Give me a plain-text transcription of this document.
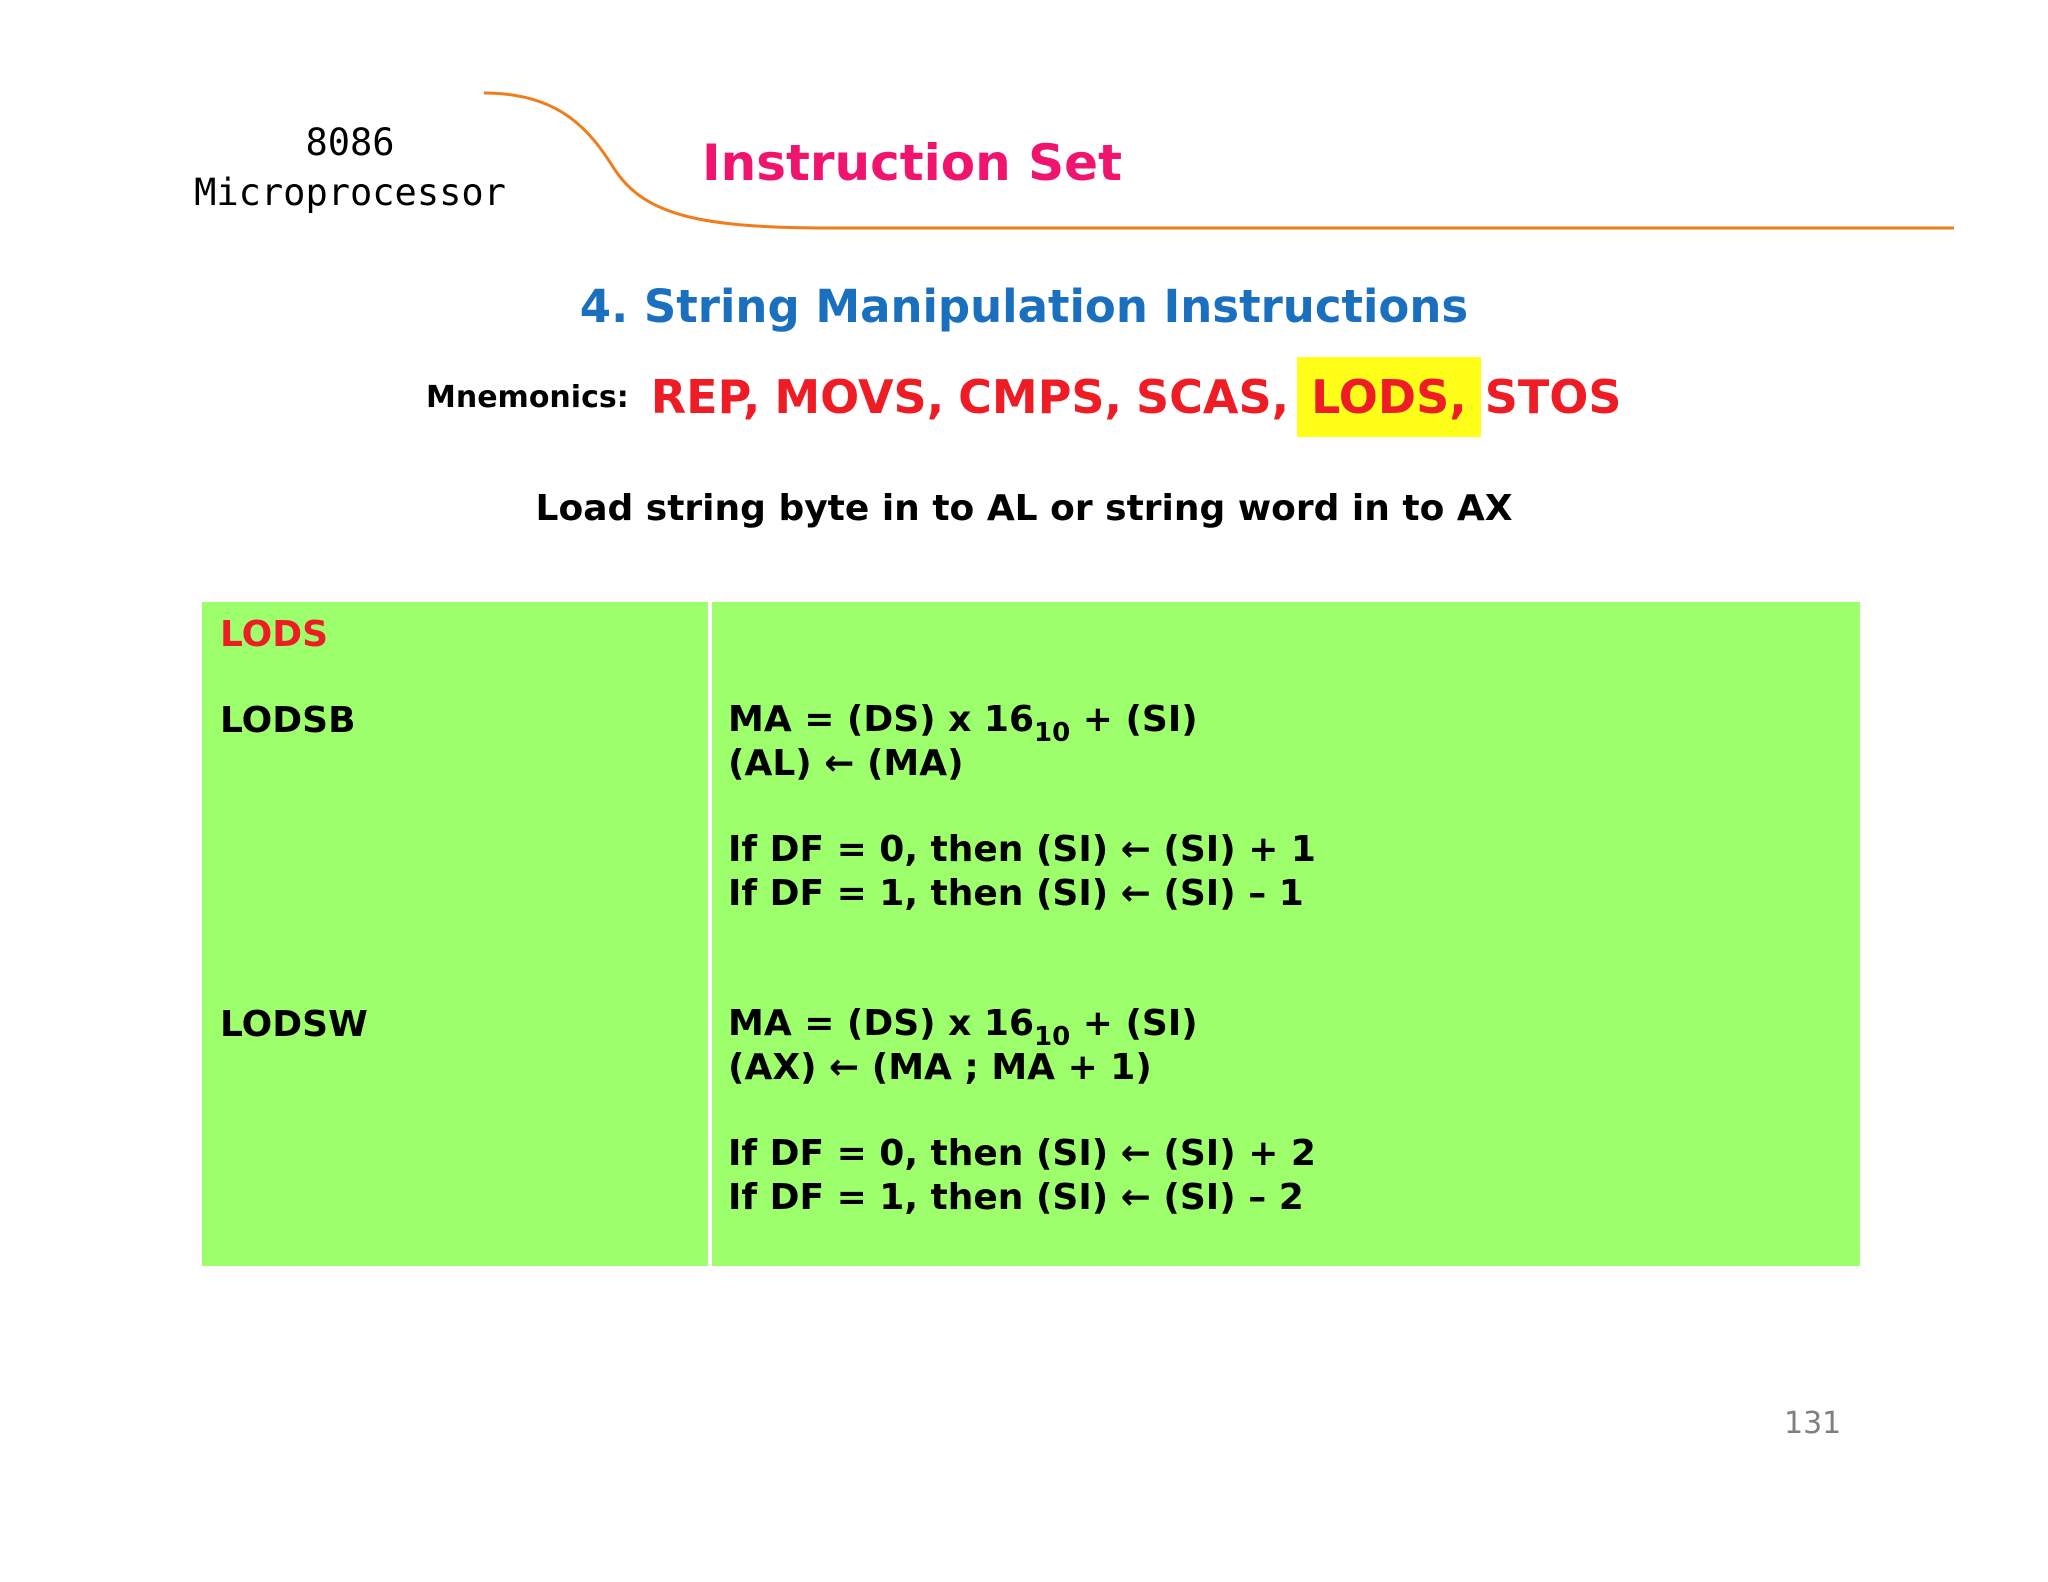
8086
Microprocessor
Instruction Set
4. String Manipulation Instructions
Mnemonics: REP, MOVS, CMPS, SCAS, LODS, STOS
Load string byte in to AL or string word in to AX
LODS
LODSB
LODSW
MA = (DS) x $16_{10} + (SI)$
(AL) ← (MA)
If DF = 0, then (SI) ← (SI) + 1
If DF = 1, then (SI) ← (SI) – 1
MA = (DS) x $16_{10} + (SI)$
(AX) ← (MA ; MA + 1)
If DF = 0, then (SI) ← (SI) + 2
If DF = 1, then (SI) ← (SI) – 2
131
